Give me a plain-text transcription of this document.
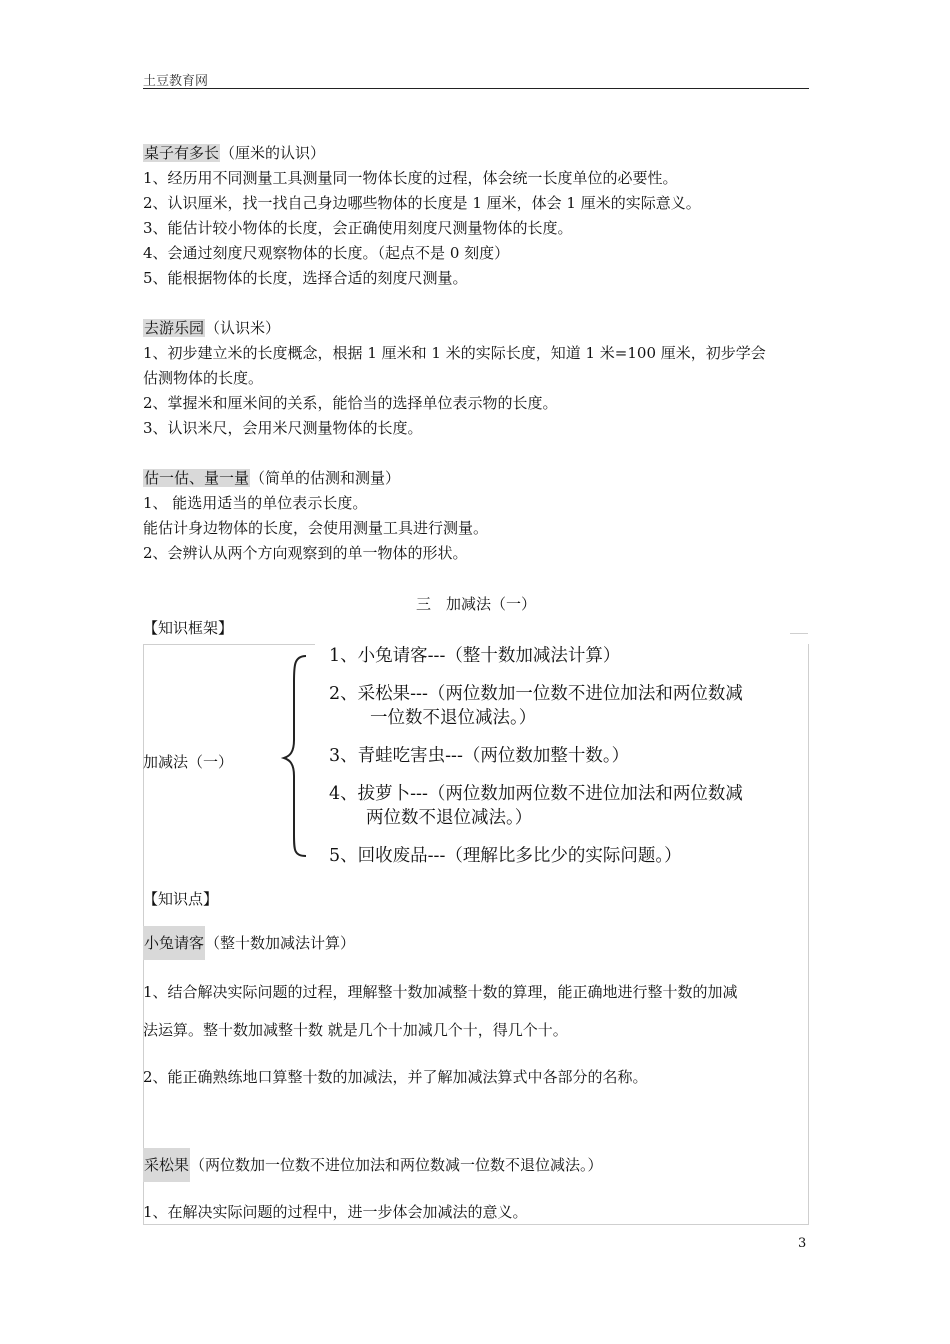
土豆教育网
桌子有多长（厘米的认识）
1、经历用不同测量工具测量同一物体长度的过程，体会统一长度单位的必要性。
2、认识厘米，找一找自己身边哪些物体的长度是 1 厘米，体会 1 厘米的实际意义。
3、能估计较小物体的长度，会正确使用刻度尺测量物体的长度。
4、会通过刻度尺观察物体的长度。（起点不是 0 刻度）
5、能根据物体的长度，选择合适的刻度尺测量。
去游乐园（认识米）
1、初步建立米的长度概念，根据 1 厘米和 1 米的实际长度，知道 1 米=100 厘米，初步学会
估测物体的长度。
2、掌握米和厘米间的关系，能恰当的选择单位表示物的长度。
3、认识米尺，会用米尺测量物体的长度。
估一估、量一量（简单的估测和测量）
1、 能选用适当的单位表示长度。
能估计身边物体的长度，会使用测量工具进行测量。
2、会辨认从两个方向观察到的单一物体的形状。
三　加减法（一）
【知识框架】
加减法（一）
1、小兔请客---（整十数加减法计算）
2、采松果---（两位数加一位数不进位加法和两位数减
一位数不退位减法。）
3、青蛙吃害虫---（两位数加整十数。）
4、拔萝卜---（两位数加两位数不进位加法和两位数减
两位数不退位减法。）
5、回收废品---（理解比多比少的实际问题。）
【知识点】
小兔请客（整十数加减法计算）
1、结合解决实际问题的过程，理解整十数加减整十数的算理，能正确地进行整十数的加减
法运算。整十数加减整十数 就是几个十加减几个十，得几个十。
2、能正确熟练地口算整十数的加减法，并了解加减法算式中各部分的名称。
采松果（两位数加一位数不进位加法和两位数减一位数不退位减法。）
1、在解决实际问题的过程中，进一步体会加减法的意义。
3
